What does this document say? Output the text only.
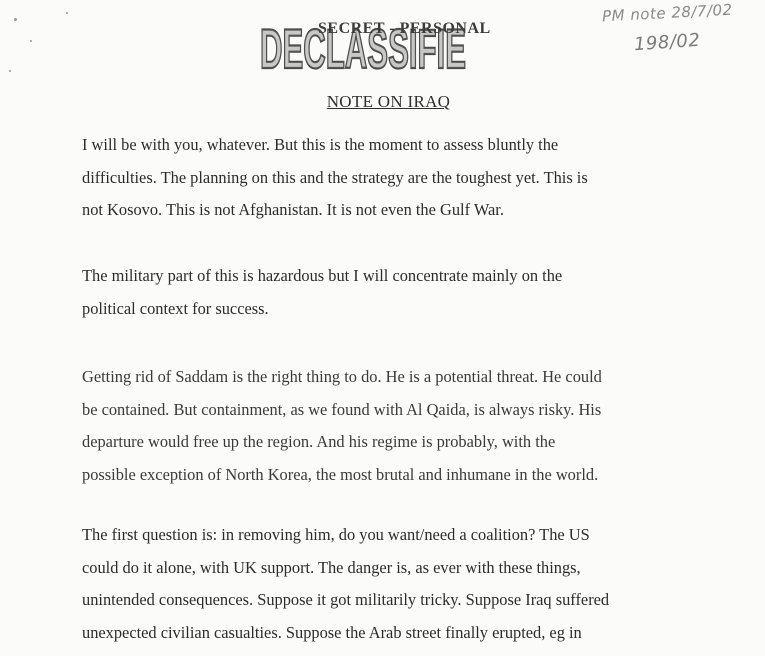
DECLASSIFIE
DECLASSIFIE
SECRET - PERSONAL
PM note 28/7/02
198/02
NOTE ON IRAQ
I will be with you, whatever. But this is the moment to assess bluntly the
difficulties. The planning on this and the strategy are the toughest yet. This is
not Kosovo. This is not Afghanistan. It is not even the Gulf War.
The military part of this is hazardous but I will concentrate mainly on the
political context for success.
Getting rid of Saddam is the right thing to do. He is a potential threat. He could
be contained. But containment, as we found with Al Qaida, is always risky. His
departure would free up the region. And his regime is probably, with the
possible exception of North Korea, the most brutal and inhumane in the world.
The first question is: in removing him, do you want/need a coalition? The US
could do it alone, with UK support. The danger is, as ever with these things,
unintended consequences. Suppose it got militarily tricky. Suppose Iraq suffered
unexpected civilian casualties. Suppose the Arab street finally erupted, eg in
